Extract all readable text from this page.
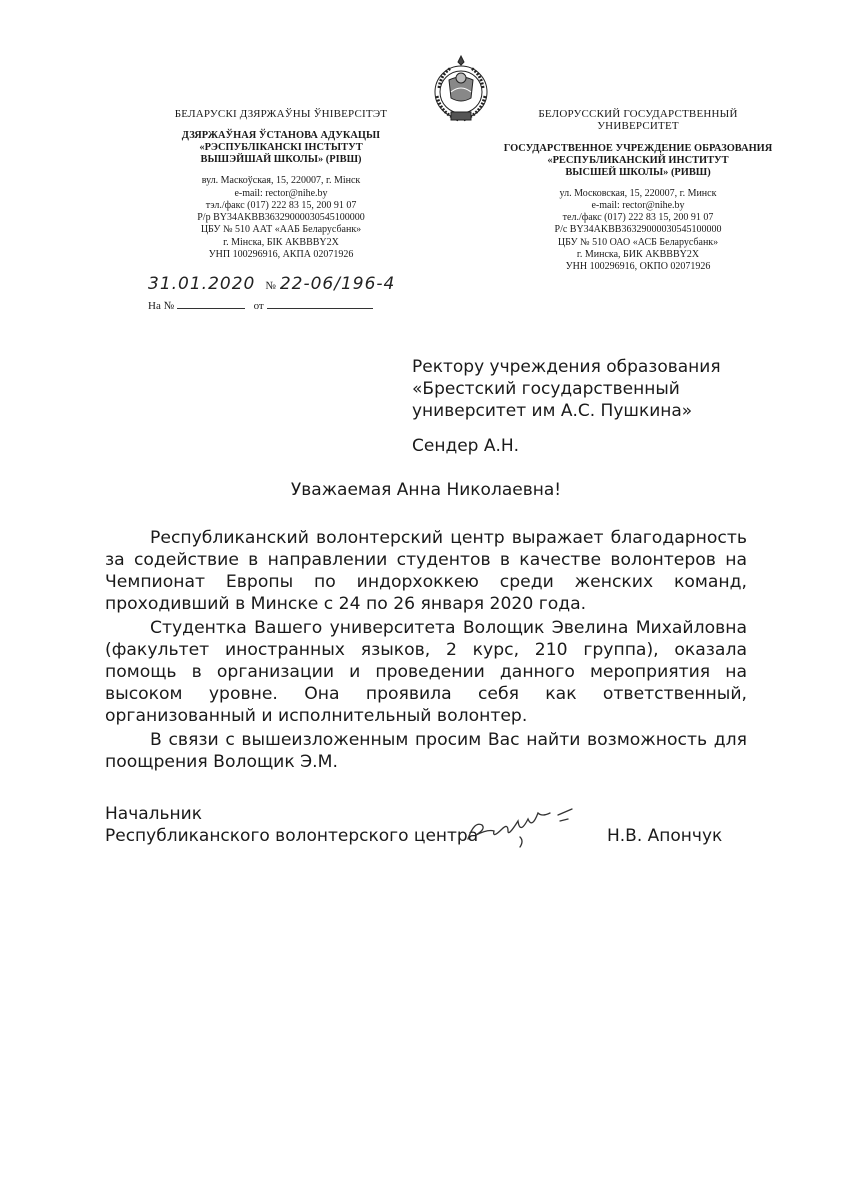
БЕЛАРУСКІ ДЗЯРЖАЎНЫ ЎНІВЕРСІТЭТ
ДЗЯРЖАЎНАЯ ЎСТАНОВА АДУКАЦЫІ
«РЭСПУБЛІКАНСКІ ІНСТЫТУТ
ВЫШЭЙШАЙ ШКОЛЫ» (РІВШ)
вул. Маскоўская, 15, 220007, г. Мінск
e-mail: rector@nihe.by
тэл./факс (017) 222 83 15, 200 91 07
Р/р BY34AKBB36329000030545100000
ЦБУ № 510 ААТ «ААБ Беларусбанк»
г. Мінска, БІК AKBBBY2X
УНП 100296916, АКПА 02071926
БЕЛОРУССКИЙ ГОСУДАРСТВЕННЫЙ УНИВЕРСИТЕТ
ГОСУДАРСТВЕННОЕ УЧРЕЖДЕНИЕ ОБРАЗОВАНИЯ
«РЕСПУБЛИКАНСКИЙ ИНСТИТУТ
ВЫСШЕЙ ШКОЛЫ» (РИВШ)
ул. Московская, 15, 220007, г. Минск
e-mail: rector@nihe.by
тел./факс (017) 222 83 15, 200 91 07
Р/с BY34AKBB36329000030545100000
ЦБУ № 510 ОАО «АСБ Беларусбанк»
г. Минска, БИК AKBBBY2X
УНН 100296916, ОКПО 02071926
31.01.2020 № 22-06/196-4
На №	от
Ректору учреждения образования
«Брестский государственный
университет им А.С. Пушкина»
Сендер А.Н.
Уважаемая Анна Николаевна!

Республиканский волонтерский центр выражает благодарность за содействие в направлении студентов в качестве волонтеров на Чемпионат Европы по индорхоккею среди женских команд, проходивший в Минске с 24 по 26 января 2020 года.

Студентка Вашего университета Волощик Эвелина Михайловна (факультет иностранных языков, 2 курс, 210 группа), оказала помощь в организации и проведении данного мероприятия на высоком уровне. Она проявила себя как ответственный, организованный и исполнительный волонтер.

В связи с вышеизложенным просим Вас найти возможность для поощрения Волощик Э.М.

Начальник
Республиканского волонтерского центра	Н.В. Апончук
